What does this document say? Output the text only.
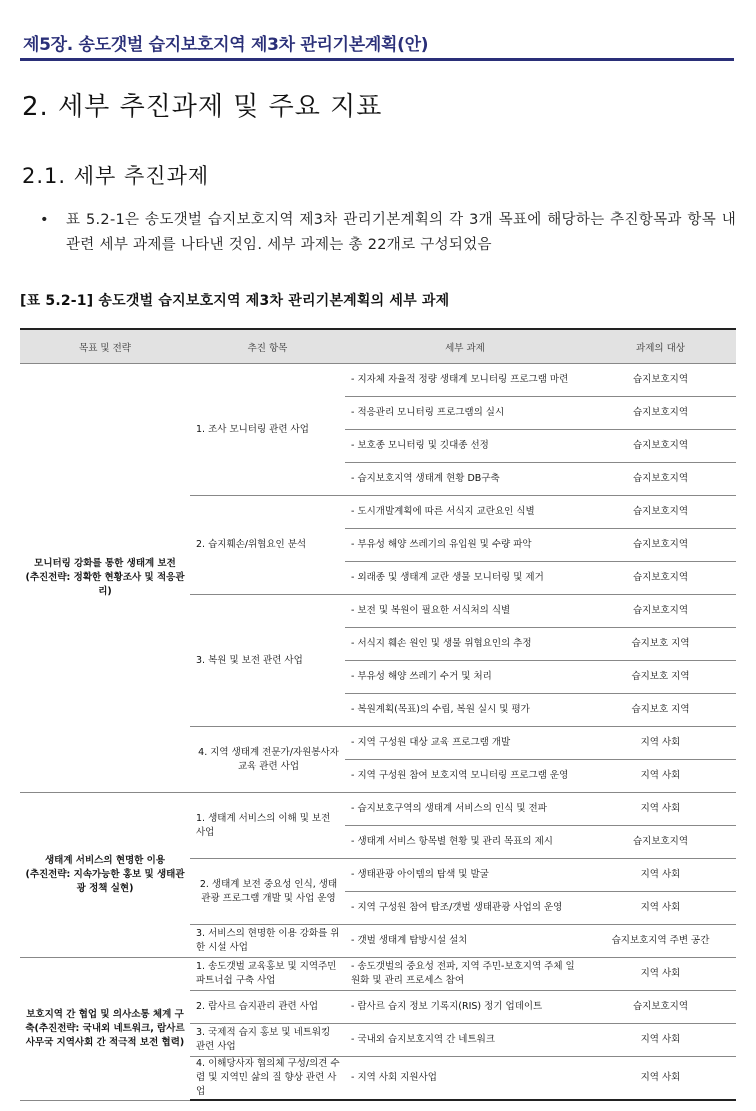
제5장. 송도갯벌 습지보호지역 제3차 관리기본계획(안)
2. 세부 추진과제 및 주요 지표
2.1. 세부 추진과제
• 표 5.2-1은 송도갯벌 습지보호지역 제3차 관리기본계획의 각 3개 목표에 해당하는 추진항목과 항목 내 관련 세부 과제를 나타낸 것임. 세부 과제는 총 22개로 구성되었음
[표 5.2-1] 송도갯벌 습지보호지역 제3차 관리기본계획의 세부 과제
목표 및 전략	추진 항목	세부 과제	과제의 대상

모니터링 강화를 통한 생태계 보전
(추진전략: 정확한 현황조사 및 적응관리)	1. 조사 모니터링 관련 사업	- 지자체 자율적 정량 생태계 모니터링 프로그램 마련	습지보호지역
		- 적응관리 모니터링 프로그램의 실시	습지보호지역
		- 보호종 모니터링 및 깃대종 선정	습지보호지역
		- 습지보호지역 생태계 현황 DB구축	습지보호지역
	2. 습지훼손/위협요인 분석	- 도시개발계획에 따른 서식지 교란요인 식별	습지보호지역
		- 부유성 해양 쓰레기의 유입원 및 수량 파악	습지보호지역
		- 외래종 및 생태계 교란 생물 모니터링 및 제거	습지보호지역
	3. 복원 및 보전 관련 사업	- 보전 및 복원이 필요한 서식처의 식별	습지보호지역
		- 서식지 훼손 원인 및 생물 위협요인의 추정	습지보호 지역
		- 부유성 해양 쓰레기 수거 및 처리	습지보호 지역
		- 복원계획(목표)의 수립, 복원 실시 및 평가	습지보호 지역
	4. 지역 생태계 전문가/자원봉사자 교육 관련 사업	- 지역 구성원 대상 교육 프로그램 개발	지역 사회
		- 지역 구성원 참여 보호지역 모니터링 프로그램 운영	지역 사회

생태계 서비스의 현명한 이용
(추진전략: 지속가능한 홍보 및 생태관광 정책 실현)	1. 생태계 서비스의 이해 및 보전 사업	- 습지보호구역의 생태계 서비스의 인식 및 전파	지역 사회
		- 생태계 서비스 항목별 현황 및 관리 목표의 제시	습지보호지역
	2. 생태계 보전 중요성 인식, 생태관광 프로그램 개발 및 사업 운영	- 생태관광 아이템의 탐색 및 발굴	지역 사회
		- 지역 구성원 참여 탐조/갯벌 생태관광 사업의 운영	지역 사회
	3. 서비스의 현명한 이용 강화를 위한 시설 사업	- 갯벌 생태계 탐방시설 설치	습지보호지역 주변 공간

보호지역 간 협업 및 의사소통 체계 구축(추진전략: 국내외 네트워크, 람사르 사무국 지역사회 간 적극적 보전 협력)	1. 송도갯벌 교육홍보 및 지역주민 파트너쉽 구축 사업	- 송도갯벌의 중요성 전파, 지역 주민-보호지역 주체 일원화 및 관리 프로세스 참여	지역 사회
	2. 람사르 습지관리 관련 사업	- 람사르 습지 정보 기록지(RIS) 정기 업데이트	습지보호지역
	3. 국제적 습지 홍보 및 네트워킹 관련 사업	- 국내외 습지보호지역 간 네트워크	지역 사회
	4. 이해당사자 협의체 구성/의견 수렴 및 지역민 삶의 질 향상 관련 사업	- 지역 사회 지원사업	지역 사회
